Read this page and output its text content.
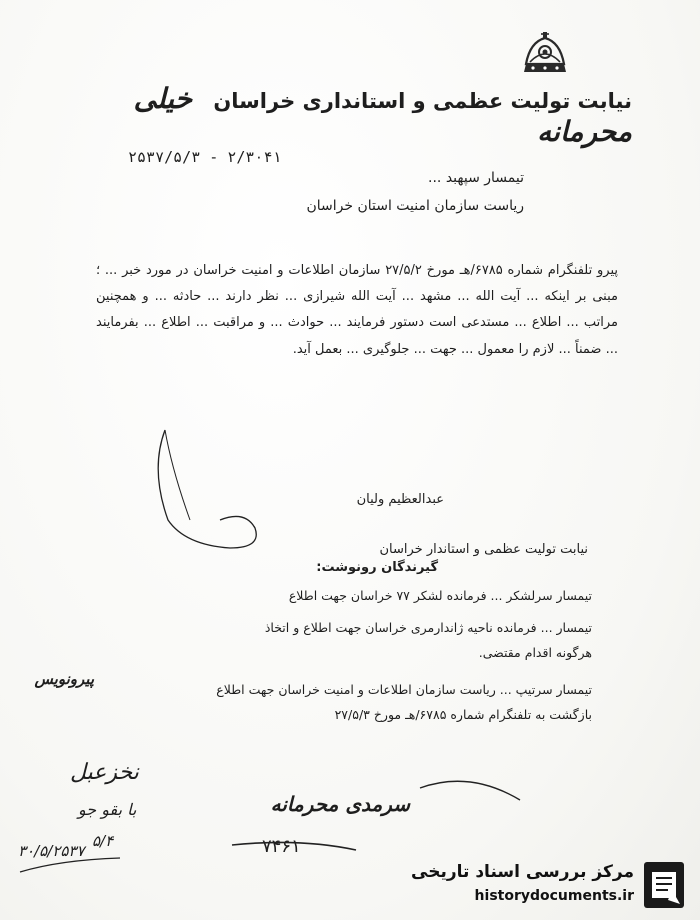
نیابت تولیت عظمی و استانداری خراسان خیلی محرمانه
۲۵۳۷/۵/۳ - ۲/۳۰۴۱
تیمسار سپهبد ...
ریاست سازمان امنیت استان خراسان
پیرو تلفنگرام شماره ۶۷۸۵/هـ مورخ ۲۷/۵/۲ سازمان اطلاعات و امنیت خراسان در مورد خبر ... ؛ مبنی بر اینکه ... آیت الله ... مشهد ... آیت الله شیرازی ... نظر دارند ... حادثه ... و همچنین مراتب ... اطلاع ... مستدعی است دستور فرمایند ... حوادث ... و مراقبت ... اطلاع ... بفرمایند ... ضمناً ... لازم را معمول ... جهت ... جلوگیری ... بعمل آید.
عبدالعظیم ولیان
نیابت تولیت عظمی و استاندار خراسان
گیرندگان رونوشت:
تیمسار سرلشکر ... فرمانده لشکر ۷۷ خراسان جهت اطلاع
تیمسار ... فرمانده ناحیه ژاندارمری خراسان جهت اطلاع و اتخاذ
هرگونه اقدام مقتضی.
تیمسار سرتیپ ... ریاست سازمان اطلاعات و امنیت خراسان جهت اطلاع
بازگشت به تلفنگرام شماره ۶۷۸۵/هـ مورخ ۲۷/۵/۳
پیرونویس
سرمدی محرمانه
۷۴۶۱
نخزعبل
با بقو جو
۵/۴
۳۰/۵/۲۵۳۷
مرکز بررسی اسناد تاریخی
historydocuments.ir
